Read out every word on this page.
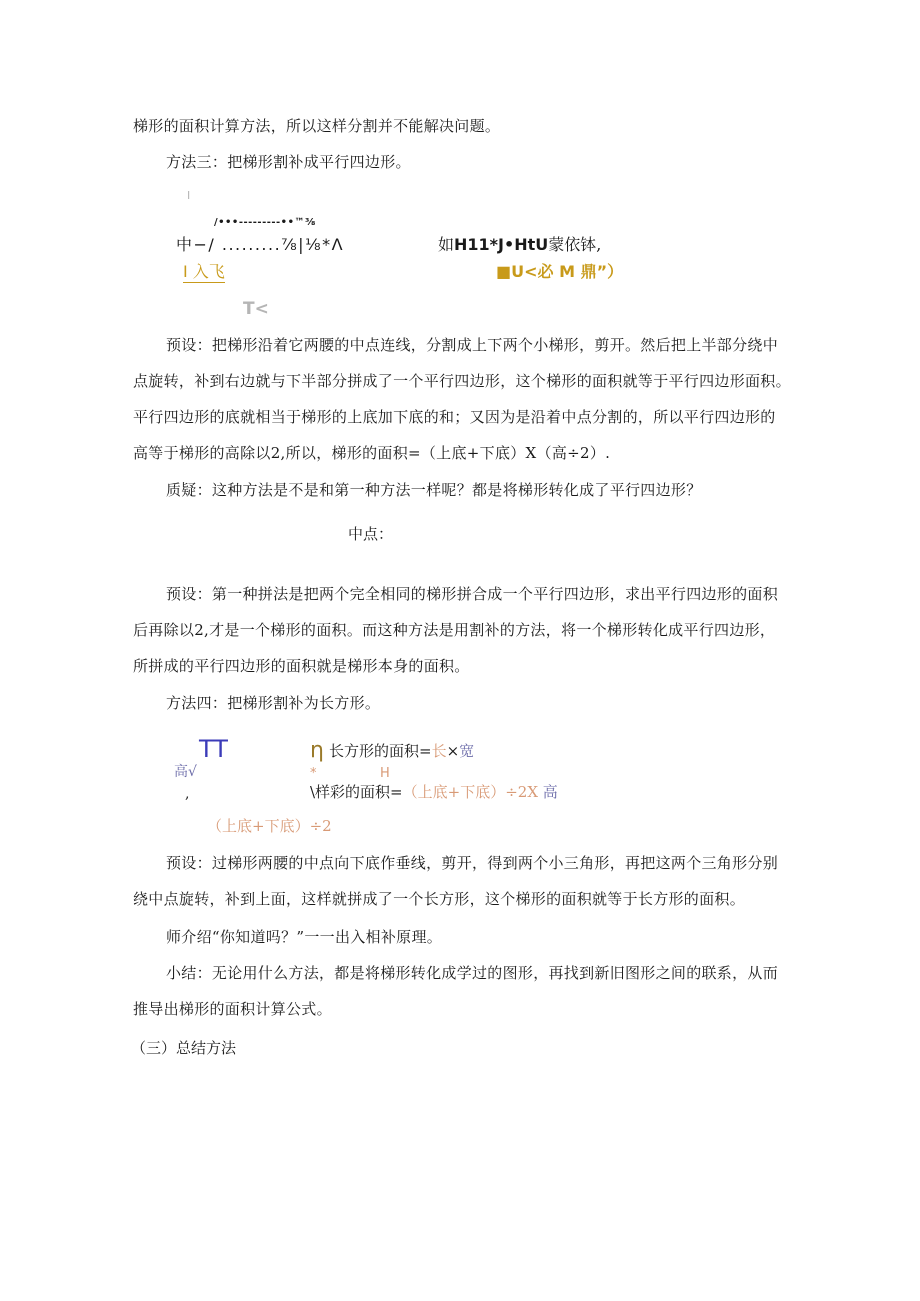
梯形的面积计算方法，所以这样分割并不能解决问题。
方法三：把梯形割补成平行四边形。
I
/•••---------••™⅜
中−/ .........⅞|⅛*Λ	如H11*J•HtU蒙依钵,
I 入飞	■U<必 M 鼎”）
T<
预设：把梯形沿着它两腰的中点连线，分割成上下两个小梯形，剪开。然后把上半部分绕中
点旋转，补到右边就与下半部分拼成了一个平行四边形，这个梯形的面积就等于平行四边形面积。
平行四边形的底就相当于梯形的上底加下底的和；又因为是沿着中点分割的，所以平行四边形的
高等于梯形的高除以2,所以，梯形的面积=（上底+下底）X（高÷2）.
质疑：这种方法是不是和第一种方法一样呢？都是将梯形转化成了平行四边形？
中点：
预设：第一种拼法是把两个完全相同的梯形拼合成一个平行四边形，求出平行四边形的面积
后再除以2,才是一个梯形的面积。而这种方法是用割补的方法，将一个梯形转化成平行四边形，
所拼成的平行四边形的面积就是梯形本身的面积。
方法四：把梯形割补为长方形。
TT
高√
,
η 长方形的面积=长×宽
*	H
\样彩的面积=（上底+下底）÷2X 高
（上底+下底）÷2
预设：过梯形两腰的中点向下底作垂线，剪开，得到两个小三角形，再把这两个三角形分别
绕中点旋转，补到上面，这样就拼成了一个长方形，这个梯形的面积就等于长方形的面积。
师介绍“你知道吗？”一一出入相补原理。
小结：无论用什么方法，都是将梯形转化成学过的图形，再找到新旧图形之间的联系，从而
推导出梯形的面积计算公式。
（三）总结方法
